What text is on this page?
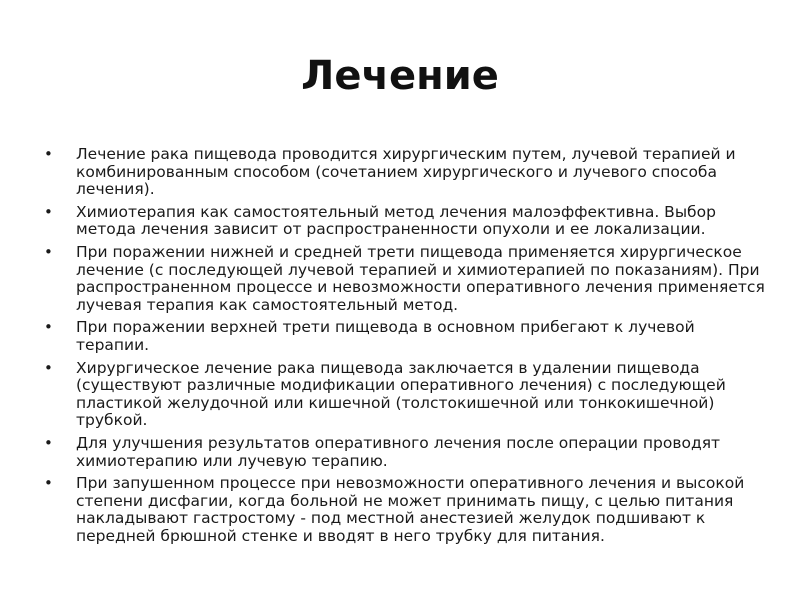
Лечение
•	Лечение рака пищевода проводится хирургическим путем, лучевой терапией и комбинированным способом (сочетанием хирургического и лучевого способа лечения).
•	Химиотерапия как самостоятельный метод лечения малоэффективна. Выбор метода лечения зависит от распространенности опухоли и ее локализации.
•	При поражении нижней и средней трети пищевода применяется хирургическое лечение (с последующей лучевой терапией и химиотерапией по показаниям). При распространенном процессе и невозможности оперативного лечения применяется лучевая терапия как самостоятельный метод.
•	При поражении верхней трети пищевода в основном прибегают к лучевой терапии.
•	Хирургическое лечение рака пищевода заключается в удалении пищевода (существуют различные модификации оперативного лечения) с последующей пластикой желудочной или кишечной (толстокишечной или тонкокишечной) трубкой.
•	Для улучшения результатов оперативного лечения после операции проводят химиотерапию или лучевую терапию.
•	При запушенном процессе при невозможности оперативного лечения и высокой степени дисфагии, когда больной не может принимать пищу, с целью питания накладывают гастростому - под местной анестезией желудок подшивают к передней брюшной стенке и вводят в него трубку для питания.
